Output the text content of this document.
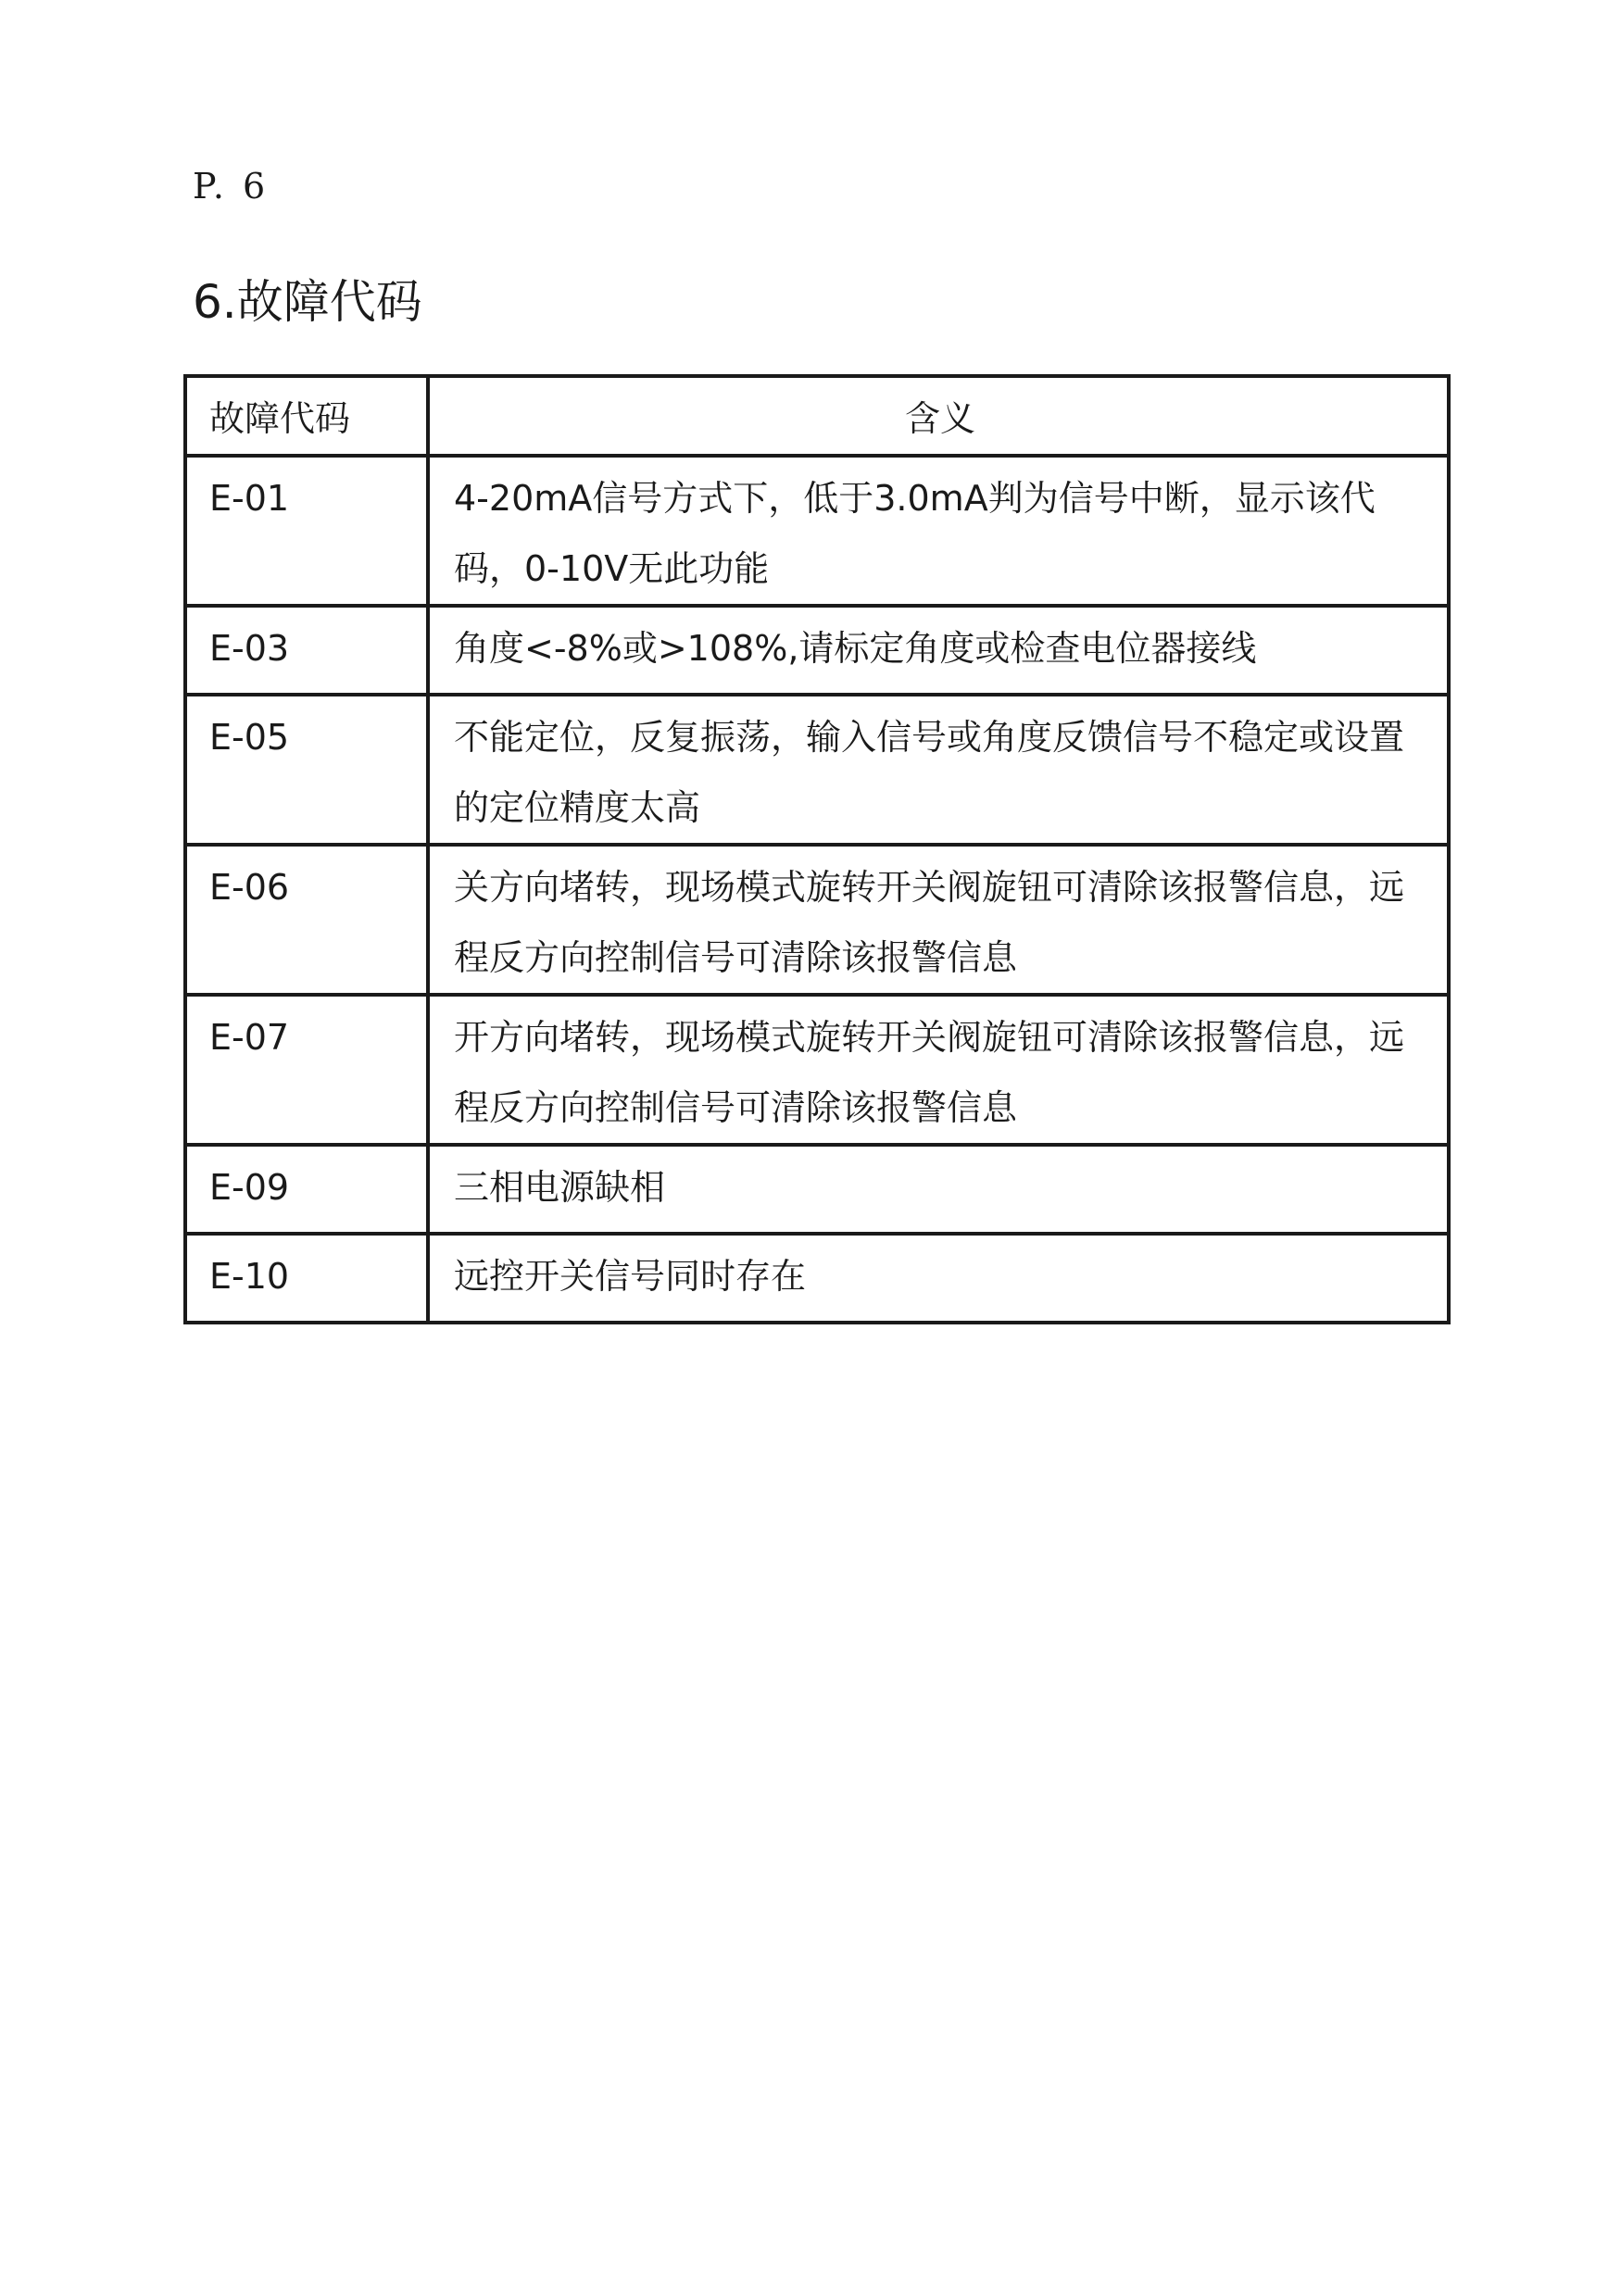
P. 6
6.故障代码
故障代码	含义
E-01	4-20mA信号方式下，低于3.0mA判为信号中断，显示该代码，0-10V无此功能
E-03	角度<-8%或>108%,请标定角度或检查电位器接线
E-05	不能定位，反复振荡，输入信号或角度反馈信号不稳定或设置的定位精度太高
E-06	关方向堵转，现场模式旋转开关阀旋钮可清除该报警信息，远程反方向控制信号可清除该报警信息
E-07	开方向堵转，现场模式旋转开关阀旋钮可清除该报警信息，远程反方向控制信号可清除该报警信息
E-09	三相电源缺相
E-10	远控开关信号同时存在
